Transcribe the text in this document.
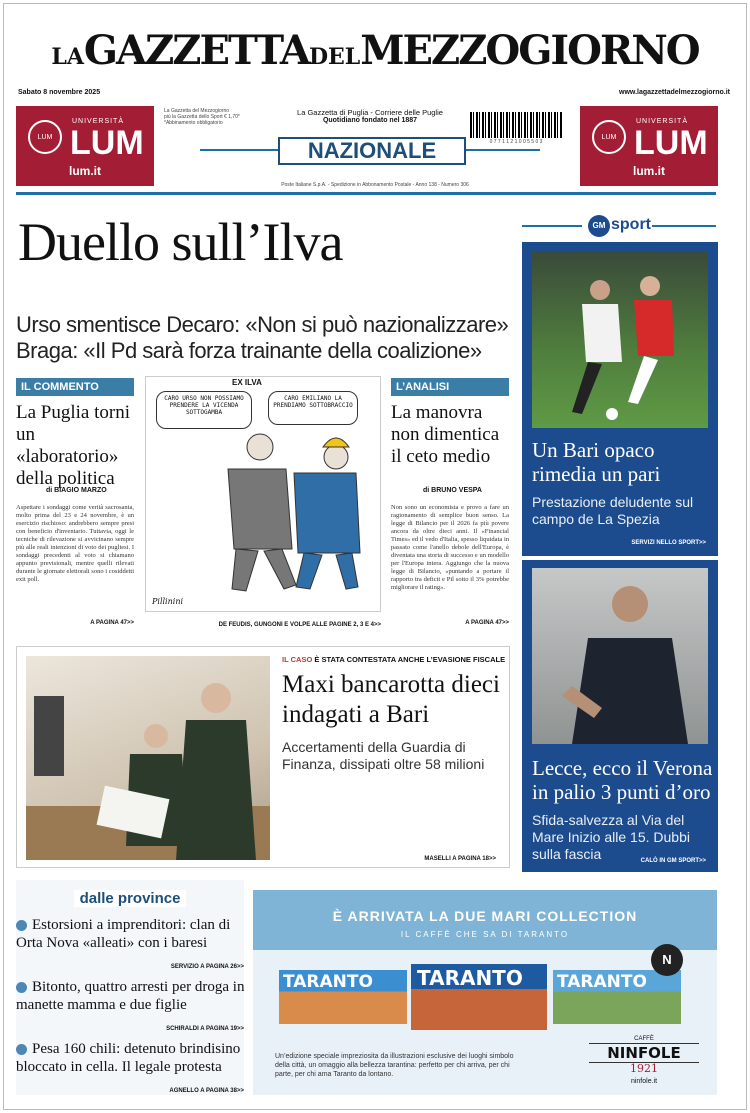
LAGAZZETTADELMEZZOGIORNO
Sabato 8 novembre 2025	www.lagazzettadelmezzogiorno.it
LUM
UNIVERSITÀ
LUM
lum.it
La Gazzetta del Mezzogiorno
più la Gazzetta dello Sport € 1,70*
*Abbinamento obbligatorio
La Gazzetta di Puglia - Corriere delle Puglie
Quotidiano fondato nel 1887
NAZIONALE	0 7 7 1 1 2 1 0 0 5 5 0 3
LUM
UNIVERSITÀ
LUM
lum.it
Poste Italiane S.p.A. - Spedizione in Abbonamento Postale - Anno 138 - Numero 306
Duello sull’Ilva
Urso smentisce Decaro: «Non si può nazionalizzare»
Braga: «Il Pd sarà forza trainante della coalizione»
IL COMMENTO
La Puglia torni un «laboratorio» della politica
di BIAGIO MARZO
Aspettare i sondaggi come verità sacrosanta, molto prima del 23 e 24 novembre, è un esercizio rischioso: andrebbero sempre presi con beneficio d'inventario. Tuttavia, oggi le tecniche di rilevazione si avvicinano sempre più alle reali intenzioni di voto dei pugliesi. I sondaggi precedenti al voto si chiamano appunto previsionali, mentre quelli rilevati durante le giornate elettorali sono i cosiddetti exit poll.
A PAGINA 47>>
EX ILVA
CARO URSO NON POSSIAMO PRENDERE LA VICENDA SOTTOGAMBA
CARO EMILIANO LA PRENDIAMO SOTTOBRACCIO
Pillinini
DE FEUDIS, GUNGONI E VOLPE ALLE PAGINE 2, 3 E 4>>
L’ANALISI
La manovra non dimentica il ceto medio
di BRUNO VESPA
Non sono un economista e provo a fare un ragionamento di semplice buon senso. La legge di Bilancio per il 2026 fa più povere ancora da oltre dieci anni. Il «Financial Times» ed il vedo d'Italia, spesso liquidata in passato come l'anello debole dell'Europa, è diventata una storia di successo e un modello per l'Europa intera. Aggiungo che la nuova legge di Bilancio, «puntando a portare il rapporto tra deficit e Pil sotto il 3% potrebbe migliorare il rating».
A PAGINA 47>>
IL CASO È STATA CONTESTATA ANCHE L’EVASIONE FISCALE
Maxi bancarotta dieci indagati a Bari
Accertamenti della Guardia di Finanza, dissipati oltre 58 milioni
MASELLI A PAGINA 18>>
GM sport
Un Bari opaco rimedia un pari
Prestazione deludente sul campo de La Spezia
SERVIZI NELLO SPORT>>
Lecce, ecco il Verona in palio 3 punti d’oro
Sfida-salvezza al Via del Mare Inizio alle 15. Dubbi sulla fascia	CALÒ IN GM SPORT>>
dalle province
Estorsioni a imprenditori: clan di Orta Nova «alleati» con i baresi
SERVIZIO A PAGINA 26>>
Bitonto, quattro arresti per droga in manette mamma e due figlie
SCHIRALDI A PAGINA 19>>
Pesa 160 chili: detenuto brindisino bloccato in cella. Il legale protesta
AGNELLO A PAGINA 38>>
È ARRIVATA LA DUE MARI COLLECTION
IL CAFFÈ CHE SA DI TARANTO
TARANTO TARANTO TARANTO
N
Un’edizione speciale impreziosita da illustrazioni esclusive dei luoghi simbolo della città, un omaggio alla bellezza tarantina: perfetto per chi arriva, per chi parte, per chi ama Taranto da lontano.
CAFFÈ
NINFOLE
1921
ninfole.it
